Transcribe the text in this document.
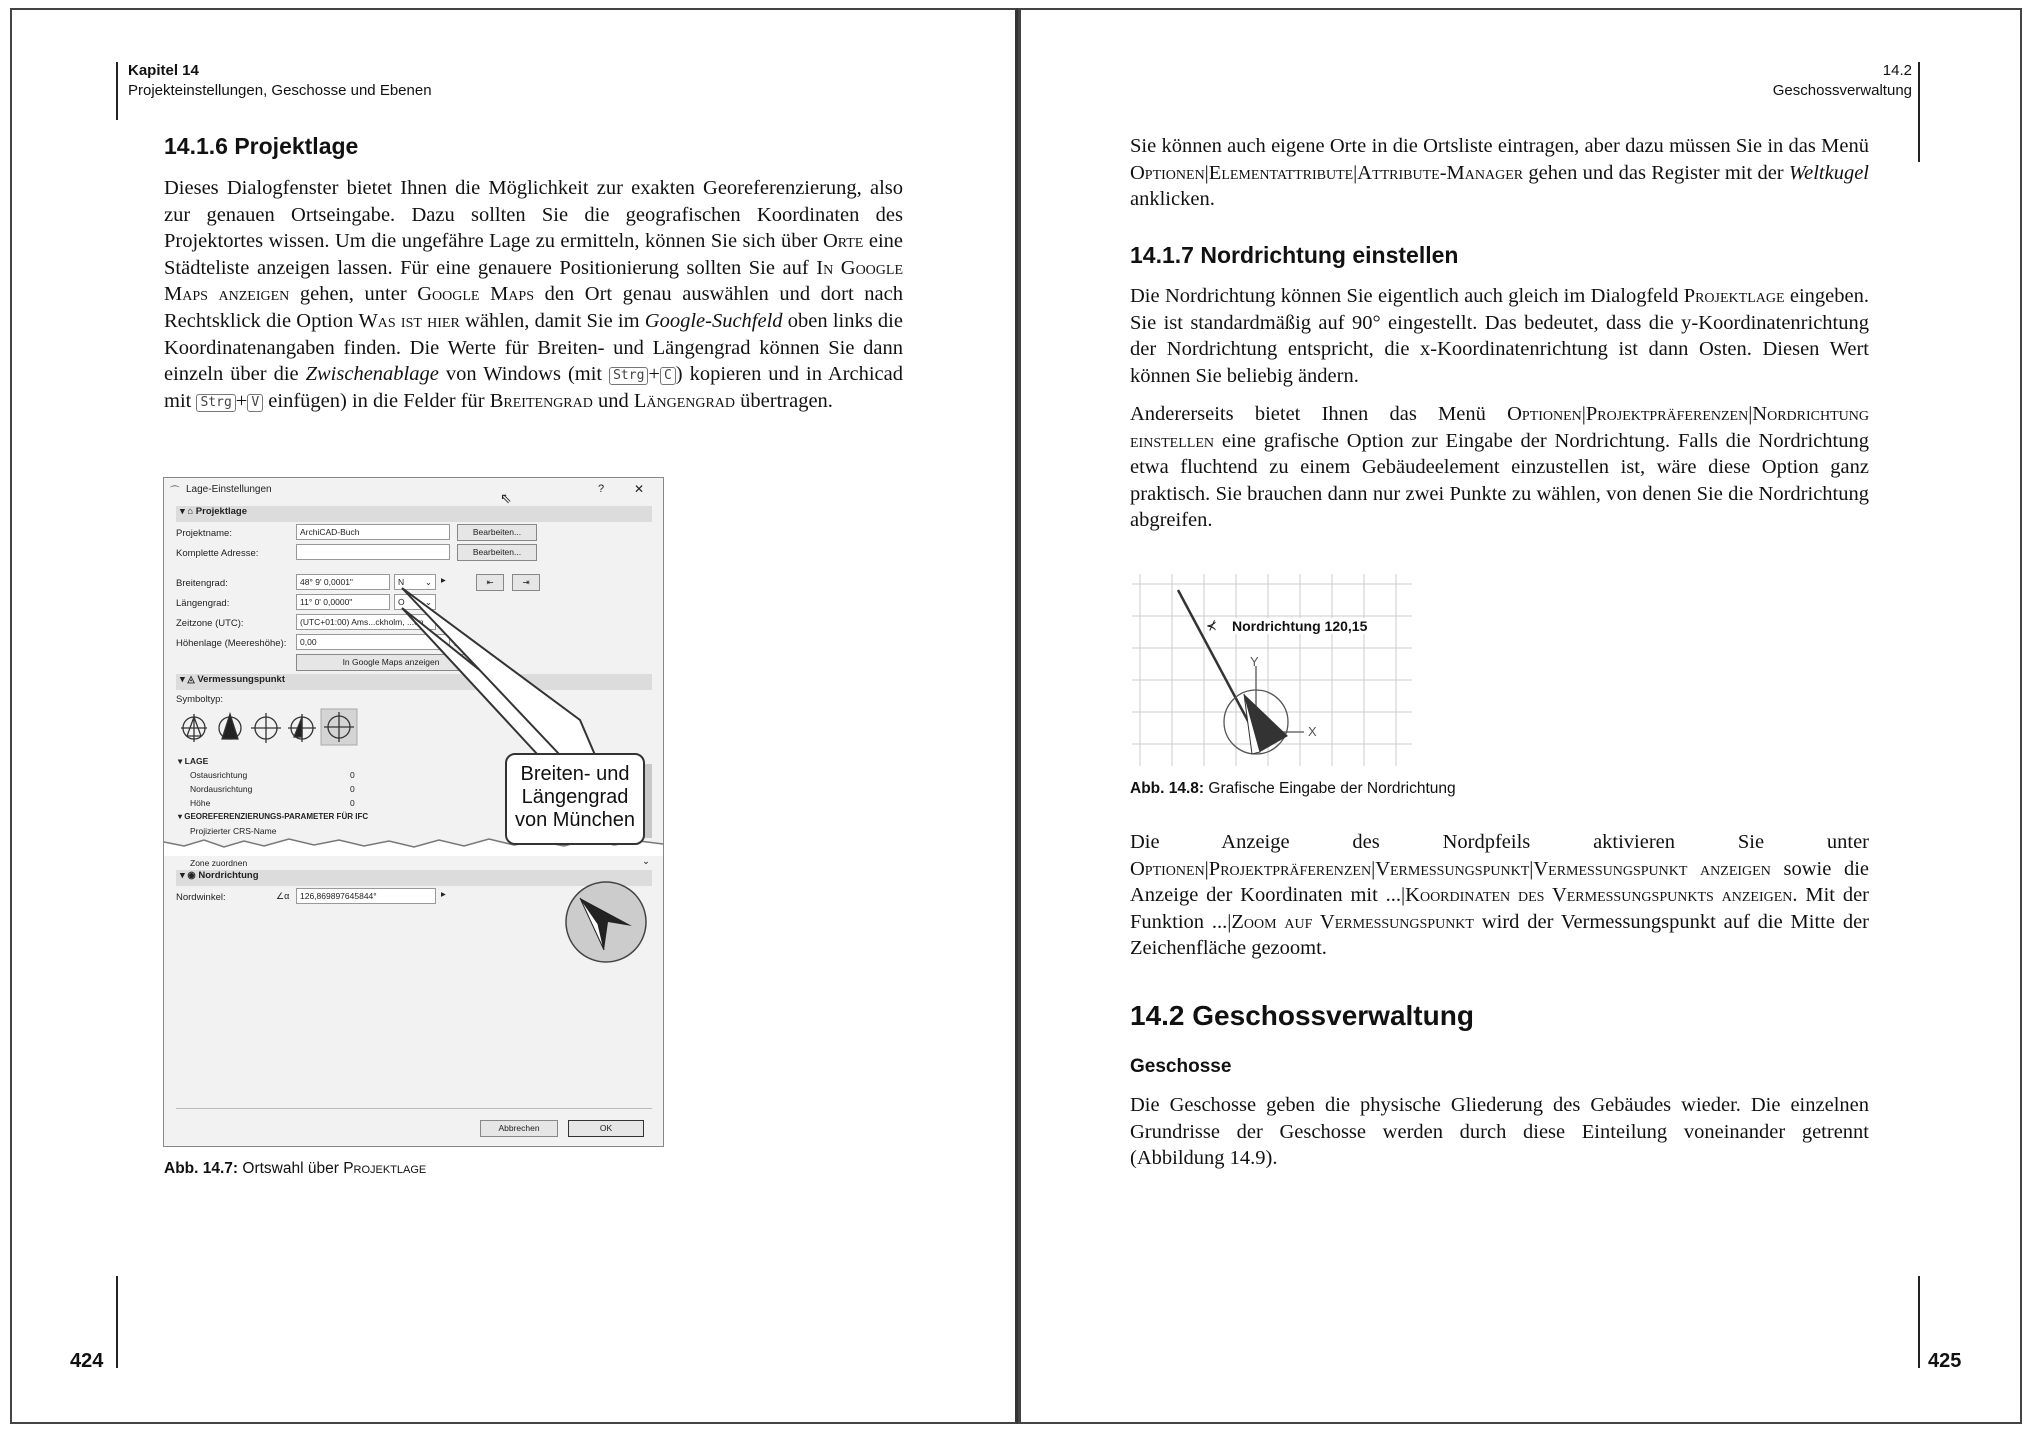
Kapitel 14
Projekteinstellungen, Geschosse und Ebenen
14.1.6 Projektlage
Dieses Dialogfenster bietet Ihnen die Möglichkeit zur exakten Georeferenzierung, also zur genauen Ortseingabe. Dazu sollten Sie die geografischen Koordinaten des Projektortes wissen. Um die ungefähre Lage zu ermitteln, können Sie sich über Orte eine Städteliste anzeigen lassen. Für eine genauere Positionierung sollten Sie auf In Google Maps anzeigen gehen, unter Google Maps den Ort genau auswählen und dort nach Rechtsklick die Option Was ist hier wählen, damit Sie im Google-Suchfeld oben links die Koordinatenangaben finden. Die Werte für Breiten- und Längengrad können Sie dann einzeln über die Zwischenablage von Windows (mit Strg + C ) kopieren und in Archicad mit Strg + V einfügen) in die Felder für Breitengrad und Längengrad übertragen.
⌒ Lage-Einstellungen
⇖
? ✕
▾ ⌂ Projektlage
Projektname:	ArchiCAD-Buch	Bearbeiten...
Komplette Adresse:	Bearbeiten...
Breitengrad:	48° 9' 0,0001"	N ⌄ ▸	⇤	⇥
Längengrad:	11° 0' 0,0000"	O ⌄
Zeitzone (UTC):	(UTC+01:00) Ams...ckholm, ...en
Höhenlage (Meereshöhe):	0,00
In Google Maps anzeigen
▾ ◬ Vermessungspunkt
Symboltyp:
▾ LAGE
Ostausrichtung	0
Nordausrichtung	0
Höhe	0
▾ GEOREFERENZIERUNGS-PARAMETER FÜR IFC
Projizierter CRS-Name
Zone zuordnen	⌄
▾ ◉ Nordrichtung
Nordwinkel:	∠α	126,869897645844°	▸
Abbrechen	OK
Breiten- und
Längengrad
von München
Abb. 14.7: Ortswahl über Projektlage
424
14.2
Geschossverwaltung
Sie können auch eigene Orte in die Ortsliste eintragen, aber dazu müssen Sie in das Menü Optionen|Elementattribute|Attribute-Manager gehen und das Register mit der Weltkugel anklicken.
14.1.7 Nordrichtung einstellen
Die Nordrichtung können Sie eigentlich auch gleich im Dialogfeld Projektlage eingeben. Sie ist standardmäßig auf 90° eingestellt. Das bedeutet, dass die y-Koordinatenrichtung der Nordrichtung entspricht, die x-Koordinatenrichtung ist dann Osten. Diesen Wert können Sie beliebig ändern.
Andererseits bietet Ihnen das Menü Optionen|Projektpräferenzen|Nordrichtung einstellen eine grafische Option zur Eingabe der Nordrichtung. Falls die Nordrichtung etwa fluchtend zu einem Gebäudeelement einzustellen ist, wäre diese Option ganz praktisch. Sie brauchen dann nur zwei Punkte zu wählen, von denen Sie die Nordrichtung abgreifen.
⊀ Nordrichtung 120,15
Y
X
Abb. 14.8: Grafische Eingabe der Nordrichtung
Die Anzeige des Nordpfeils aktivieren Sie unter Optionen|Projektpräferenzen|Vermessungspunkt|Vermessungspunkt anzeigen sowie die Anzeige der Koordinaten mit ...|Koordinaten des Vermessungspunkts anzeigen. Mit der Funktion ...|Zoom auf Vermessungspunkt wird der Vermessungspunkt auf die Mitte der Zeichenfläche gezoomt.
14.2 Geschossverwaltung
Geschosse
Die Geschosse geben die physische Gliederung des Gebäudes wieder. Die einzelnen Grundrisse der Geschosse werden durch diese Einteilung voneinander getrennt (Abbildung 14.9).
425
